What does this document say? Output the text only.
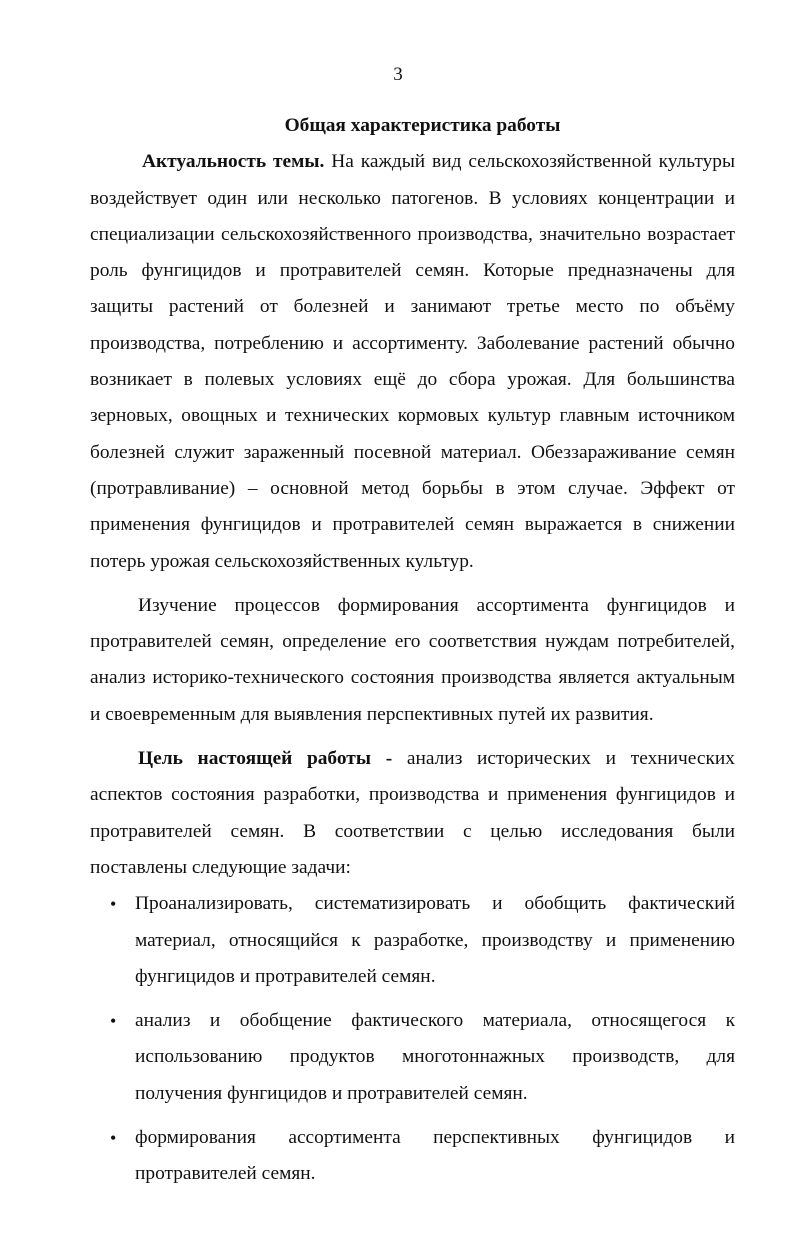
3

Общая характеристика работы

Актуальность темы. На каждый вид сельскохозяйственной культуры воздействует один или несколько патогенов. В условиях концентрации и специализации сельскохозяйственного производства, значительно возрастает роль фунгицидов и протравителей семян. Которые предназначены для защиты растений от болезней и занимают третье место по объёму производства, потреблению и ассортименту. Заболевание растений обычно возникает в полевых условиях ещё до сбора урожая. Для большинства зерновых, овощных и технических кормовых культур главным источником болезней служит зараженный посевной материал. Обеззараживание семян (протравливание) – основной метод борьбы в этом случае. Эффект от применения фунгицидов и протравителей семян выражается в снижении потерь урожая сельскохозяйственных культур.

Изучение процессов формирования ассортимента фунгицидов и протравителей семян, определение его соответствия нуждам потребителей, анализ историко-технического состояния производства является актуальным и своевременным для выявления перспективных путей их развития.

Цель настоящей работы - анализ исторических и технических аспектов состояния разработки, производства и применения фунгицидов и протравителей семян. В соответствии с целью исследования были поставлены следующие задачи:

• Проанализировать, систематизировать и обобщить фактический материал, относящийся к разработке, производству и применению фунгицидов и протравителей семян.
• анализ и обобщение фактического материала, относящегося к использованию продуктов многотоннажных производств, для получения фунгицидов и протравителей семян.
• формирования ассортимента перспективных фунгицидов и протравителей семян.
